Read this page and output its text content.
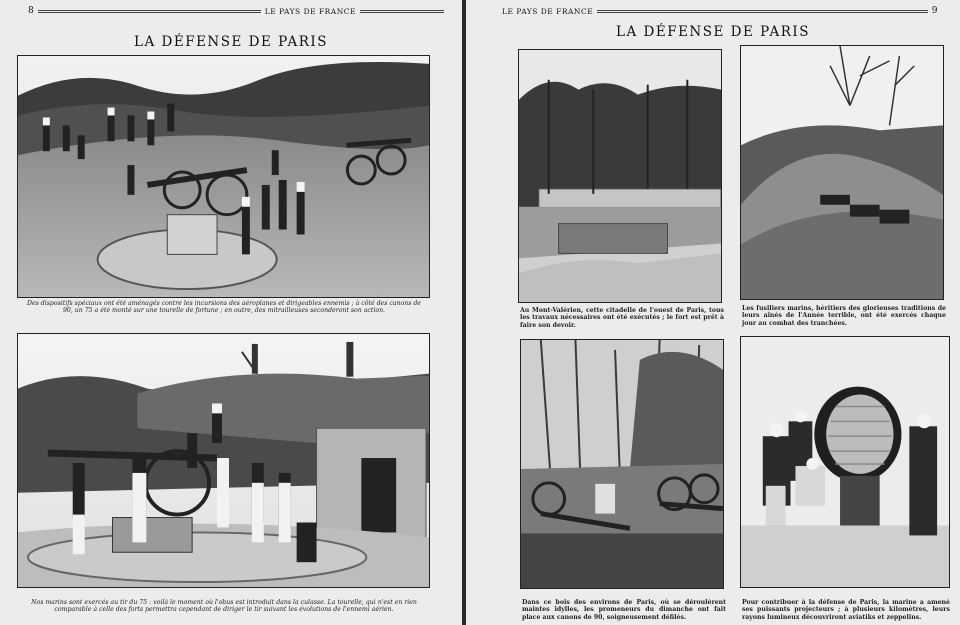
8	LE PAYS DE FRANCE
LA DÉFENSE DE PARIS
Des dispositifs spéciaux ont été aménagés contre les incursions des aéroplanes et dirigeables ennemis ; à côté des canons de 90, un 75 a été monté sur une tourelle de fortune ; en outre, des mitrailleuses seconderont son action.
Nos marins sont exercés au tir du 75 : voilà le moment où l'obus est introduit dans la culasse. La tourelle, qui n'est en rien comparable à celle des forts permettra cependant de diriger le tir suivant les évolutions de l'ennemi aérien.
LE PAYS DE FRANCE	9
LA DÉFENSE DE PARIS
Au Mont-Valérien, cette citadelle de l'ouest de Paris, tous les travaux nécessaires ont été exécutés ; le fort est prêt à faire son devoir.
Les fusiliers marins, héritiers des glorieuses traditions de leurs aînés de l'Année terrible, ont été exercés chaque jour au combat des tranchées.
Dans ce bois des environs de Paris, où se déroulèrent maintes idylles, les promeneurs du dimanche ont fait place aux canons de 90, soigneusement défilés.
Pour contribuer à la défense de Paris, la marine a amené ses puissants projecteurs ; à plusieurs kilomètres, leurs rayons lumineux découvriront aviatiks et zeppelins.
